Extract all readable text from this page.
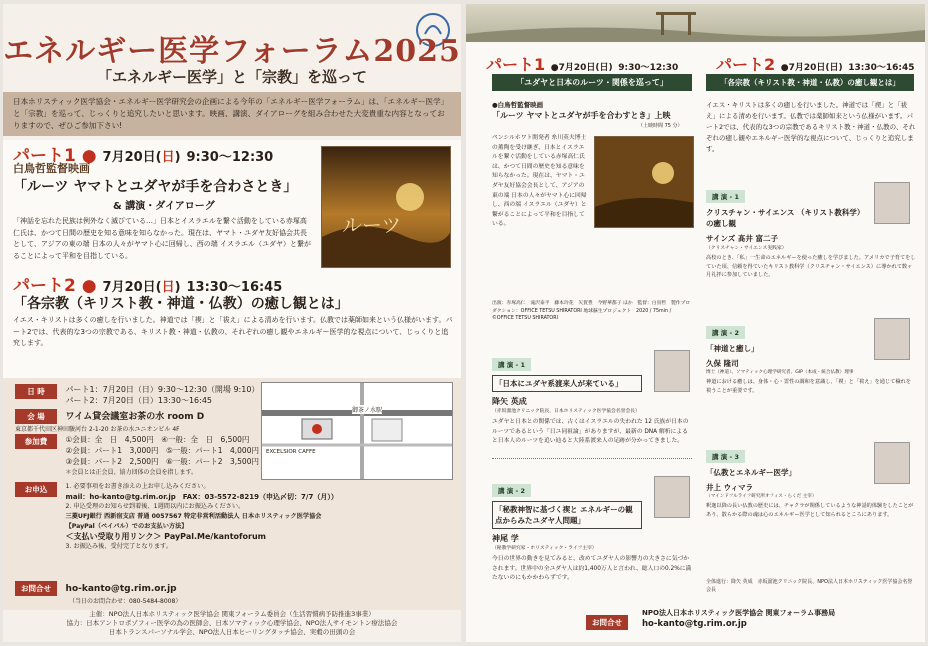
エネルギー医学フォーラム2025
「エネルギー医学」と「宗教」を巡って
日本ホリスティック医学協会・エネルギー医学研究会の企画による今年の「エネルギー医学フォーラム」は、「エネルギー医学」と「宗教」を巡って、じっくりと追究したいと思います。映画、講演、ダイアローグを組み合わせた大変貴重な内容となっておりますので、ぜひご参加下さい!
パート1 ● 7月20日(日) 9:30～12:30
白鳥哲監督映画
「ルーツ ヤマトとユダヤが手を合わさとき」
& 講演・ダイアローグ
「神話を忘れた民族は例外なく滅びている…」日本とイスラエルを繋ぐ活動をしている赤塚高仁氏は、かつて日間の歴史を知る意味を知らなかった。現在は、ヤマト・ユダヤ友好協会共長として、アジアの東の端 日本の人々がヤマト心に回帰し、西の端 イスラエル（ユダヤ）と繋がることによって平和を目指している。
ルーツ
パート2 ● 7月20日(日) 13:30～16:45
「各宗教（キリスト教・神道・仏教）の癒し観とは」
イエス・キリストは多くの癒しを行いました。神道では「禊」と「祓え」による清めを行います。仏教では薬師如来という仏様がいます。パート2では、代表的な3つの宗教である、キリスト教・神道・仏教の、それぞれの癒し観やエネルギー医学的な視点について、じっくりと追究します。
日 時	パート1：7月20日（日）9:30～12:30（開場 9:10）
パート2：7月20日（日）13:30～16:45
会 場 ワイム貸会議室お茶の水 room D
東京都千代田区神田駿河台 2-1-20 お茶の水ユニオンビル 4F
参加費 ①会員：全　日　4,500円　④一般：全　日　6,500円
②会員：パート1　3,000円　⑤一般：パート1　4,000円
③会員：パート2　2,500円　⑥一般：パート2　3,500円
＊会員とは正会員、協力団体の会員を指します。
お申込	1. 必要事項をお書き添えの上お申し込みください。
mail：ho-kanto@tg.rim.or.jp　FAX：03-5572-8219（申込〆切：7/7（月））
2. 申込受理のお知らせ到着後、1週間以内にお振込みください。
三菱UFJ銀行 西新宿支店 普通 0057567 特定非営利活動法人 日本ホリスティック医学協会
【PayPal（ペイパル）でのお支払い方法】
＜支払い受取り用リンク＞ PayPal.Me/kantoforum
3. お振込み後、受付完了となります。
お問合せ ho-kanto@tg.rim.or.jp
（当日のお問合わせ：080-5484-8008）
御茶ノ水駅
EXCELSIOR CAFFE
主催：NPO法人日本ホリスティック医学協会 関東フォーラム委員会（生活習慣病予防推進3事業）
協力：日本アントロポゾフィー医学の為の医師会、日本ソマティック心理学協会、NPO法人サイモントン療法協会
日本トランスパーソナル学会、NPO法人日本ヒーリングタッチ協会、実穀の田頭の会
パート1 ●7月20日(日) 9:30～12:30
「ユダヤと日本のルーツ・関係を巡って」
●白鳥哲監督映画
「ルーツ ヤマトとユダヤが手を合わすとき」上映
（上映時間 75 分）
ペンシルホワト開発者 糸川英夫博士の薫陶を受け継ぎ、日本とイスラエルを繋ぐ活動をしている赤塚高仁氏は、かつて日間の歴史を知る意味を知らなかった。現在は、ヤマト・ユダヤ友好協会会長として、アジアの東の端 日本の人々がヤマト心に回帰し、西の端 イスラエル（ユダヤ）と繋がることによって平和を目指している。
出演：赤塚高仁　滝沢泰平　藤本玲花　矢賀豊　今野華都子 ほか　監督：白鳥哲　製作プロダクション：OFFICE TETSU SHIRATORI 地球蘇生プロジェクト　2020 / 75min / ©OFFICE TETSU SHIRATORI
講 演 - 1
「日本にユダヤ系渡来人が来ている」
降矢 英成
（赤坂溜池クリニック院長、日本ホリスティック医学協会名誉会長）
ユダヤと日本との関係では、古くはイスラエルの失われた 12 氏族が日本のルーツであるという「日ユ同祖論」がありますが、最新の DNA 解析によると日本人のルーツを追い辿ると大陸系渡来人の足跡が分かってきました。
講 演 - 2
「秘教神智に基づく禊と エネルギーの観点からみたユダヤ人問題」
神尾 学
（秘教学研究家・ホリスティック・ライフ主宰）
今日の世界の動きを見てみると、改めてユダヤ人の影響力の大きさに気づかされます。世界中の全ユダヤ人は約1,400万人と言われ、総人口の0.2%に満たないのにもかかわらずです。
パート2 ●7月20日(日) 13:30～16:45
「各宗教（キリスト教・神道・仏教）の癒し観とは」
イエス・キリストは多くの癒しを行いました。神道では「禊」と「祓え」による清めを行います。仏教では薬師如来という仏様がいます。パート2では、代表的な3つの宗教であるキリスト教・神道・仏教の、それぞれの癒し観やエネルギー医学的な視点について、じっくりと追究します。
講 演 - 1
クリスチャン・サイエンス （キリスト教科学）の癒し観
サインズ 髙井 富二子
（クリスチャン・サイエンス実践家）
高校のとき、「私」一生命のエネルギーを使った癒しを学びました。アメリカで子育てをしていた頃、信頼を得ていたキリスト教科学（クリスチャン・サイエンス）に導かれて数ヶ月礼拝に参加していました。
講 演 - 2
「神道と癒し」
久保 隆司
博士（神道）、ソマティック心理学研究者、GIP（本成・統合仏教）理事
神道における癒しは、身体・心・霊性の調和を意識し、「禊」と「祓え」を通じて穢れを祓うことが重要です。
講 演 - 3
「仏教とエネルギー医学」
井上 ウィマラ
（マインドフルライフ研究所オフィス・らくだ 主宰）
釈迦以降の長い仏教の歴史には、チャクラが関係しているような神話的体験をしたことがあり、散らかる際の魂は心のエネルギー医学として知られるところにあります。
全体進行：降矢 英成　赤坂溜池クリニック院長、NPO法人日本ホリスティック医学協会名誉会長
お問合せ
NPO法人日本ホリスティック医学協会 関東フォーラム事務局
ho-kanto@tg.rim.or.jp
